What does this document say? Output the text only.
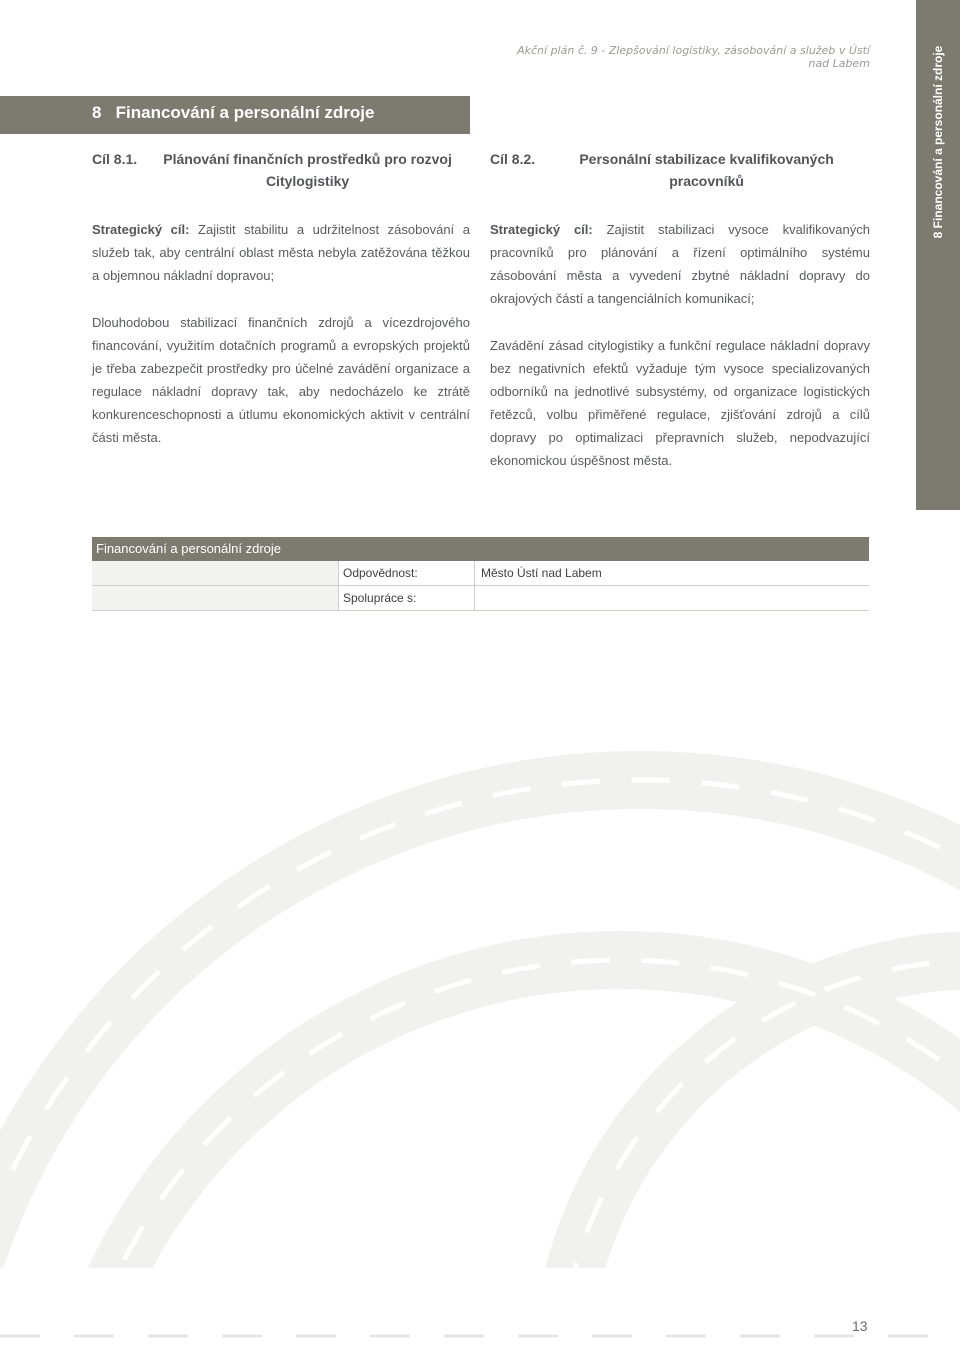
Akční plán č. 9 - Zlepšování logistiky, zásobování a služeb v Ústí nad Labem	8 Financování a personální zdroje
8   Financování a personální zdroje
Cíl 8.1.	Plánování finančních prostředků pro rozvoj Citylogistiky

Strategický cíl: Zajistit stabilitu a udržitelnost zásobování a služeb tak, aby centrální oblast města nebyla zatěžována těžkou a objemnou nákladní dopravou;

Dlouhodobou stabilizací finančních zdrojů a vícezdrojového financování, využitím dotačních programů a evropských projektů je třeba zabezpečit prostředky pro účelné zavádění organizace a regulace nákladní dopravy tak, aby nedocházelo ke ztrátě konkurenceschopnosti a útlumu ekonomických aktivit v centrální části města.

Cíl 8.2.	Personální stabilizace kvalifikovaných pracovníků

Strategický cíl: Zajistit stabilizaci vysoce kvalifikovaných pracovníků pro plánování a řízení optimálního systému zásobování města a vyvedení zbytné nákladní dopravy do okrajových částí a tangenciálních komunikací;

Zavádění zásad citylogistiky a funkční regulace nákladní dopravy bez negativních efektů vyžaduje tým vysoce specializovaných odborníků na jednotlivé subsystémy, od organizace logistických řetězců, volbu přiměřené regulace, zjišťování zdrojů a cílů dopravy po optimalizaci přepravních služeb, nepodvazující ekonomickou úspěšnost města.

Financování a personální zdroje
Odpovědnost:	Město Ústí nad Labem
Spolupráce s:
13
